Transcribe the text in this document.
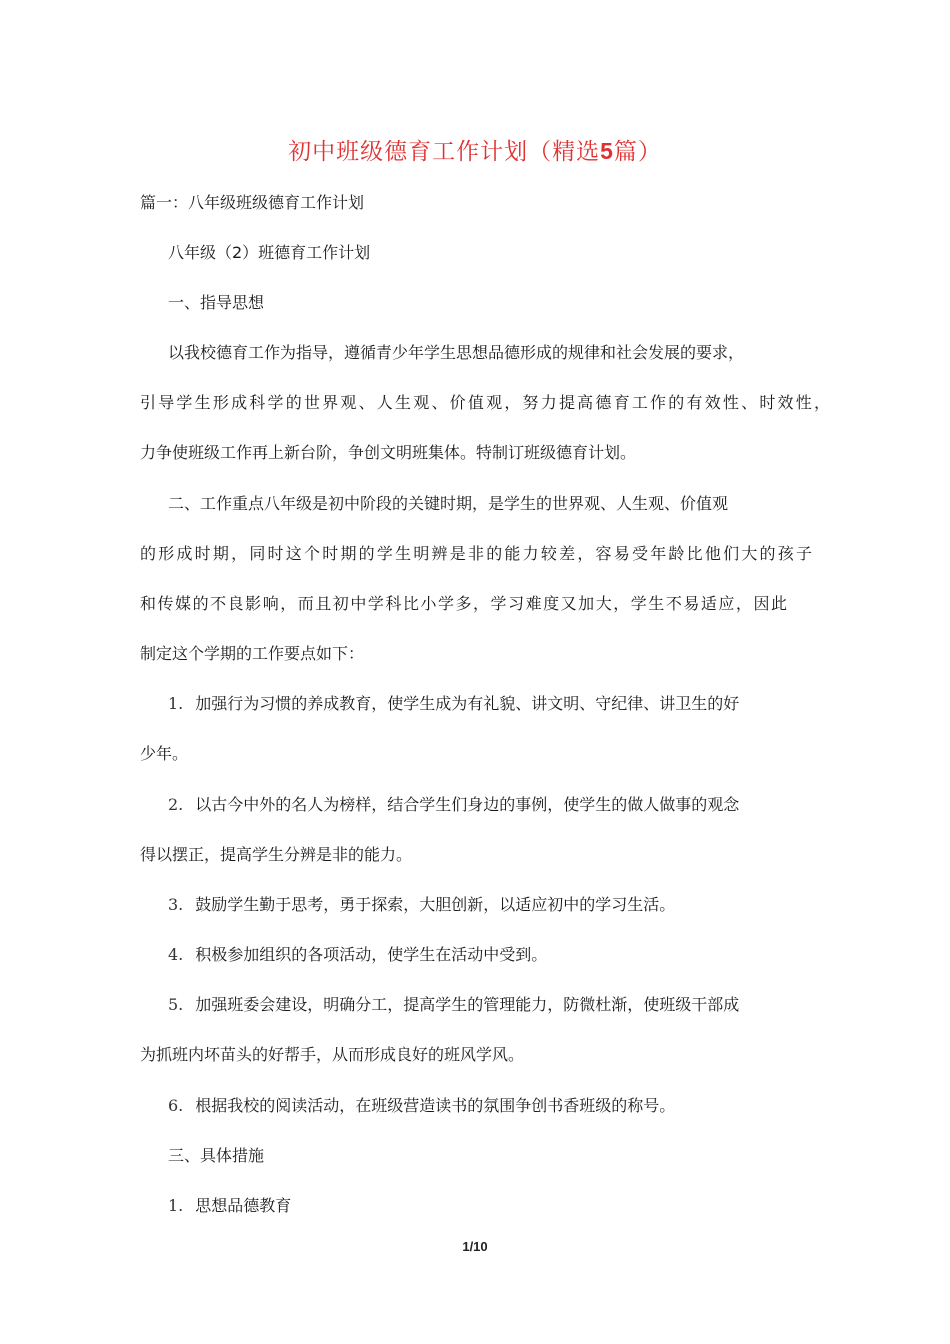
初中班级德育工作计划（精选5篇）
篇一：八年级班级德育工作计划
八年级（2）班德育工作计划
一、指导思想
以我校德育工作为指导，遵循青少年学生思想品德形成的规律和社会发展的要求，
引导学生形成科学的世界观、人生观、价值观，努力提高德育工作的有效性、时效性，
力争使班级工作再上新台阶，争创文明班集体。特制订班级德育计划。
二、工作重点八年级是初中阶段的关键时期，是学生的世界观、人生观、价值观
的形成时期，同时这个时期的学生明辨是非的能力较差，容易受年龄比他们大的孩子
和传媒的不良影响，而且初中学科比小学多，学习难度又加大，学生不易适应，因此
制定这个学期的工作要点如下：
1. 加强行为习惯的养成教育，使学生成为有礼貌、讲文明、守纪律、讲卫生的好
少年。
2. 以古今中外的名人为榜样，结合学生们身边的事例，使学生的做人做事的观念
得以摆正，提高学生分辨是非的能力。
3. 鼓励学生勤于思考，勇于探索，大胆创新，以适应初中的学习生活。
4. 积极参加组织的各项活动，使学生在活动中受到。
5. 加强班委会建设，明确分工，提高学生的管理能力，防微杜渐，使班级干部成
为抓班内坏苗头的好帮手，从而形成良好的班风学风。
6. 根据我校的阅读活动，在班级营造读书的氛围争创书香班级的称号。
三、具体措施
1. 思想品德教育
1/10
